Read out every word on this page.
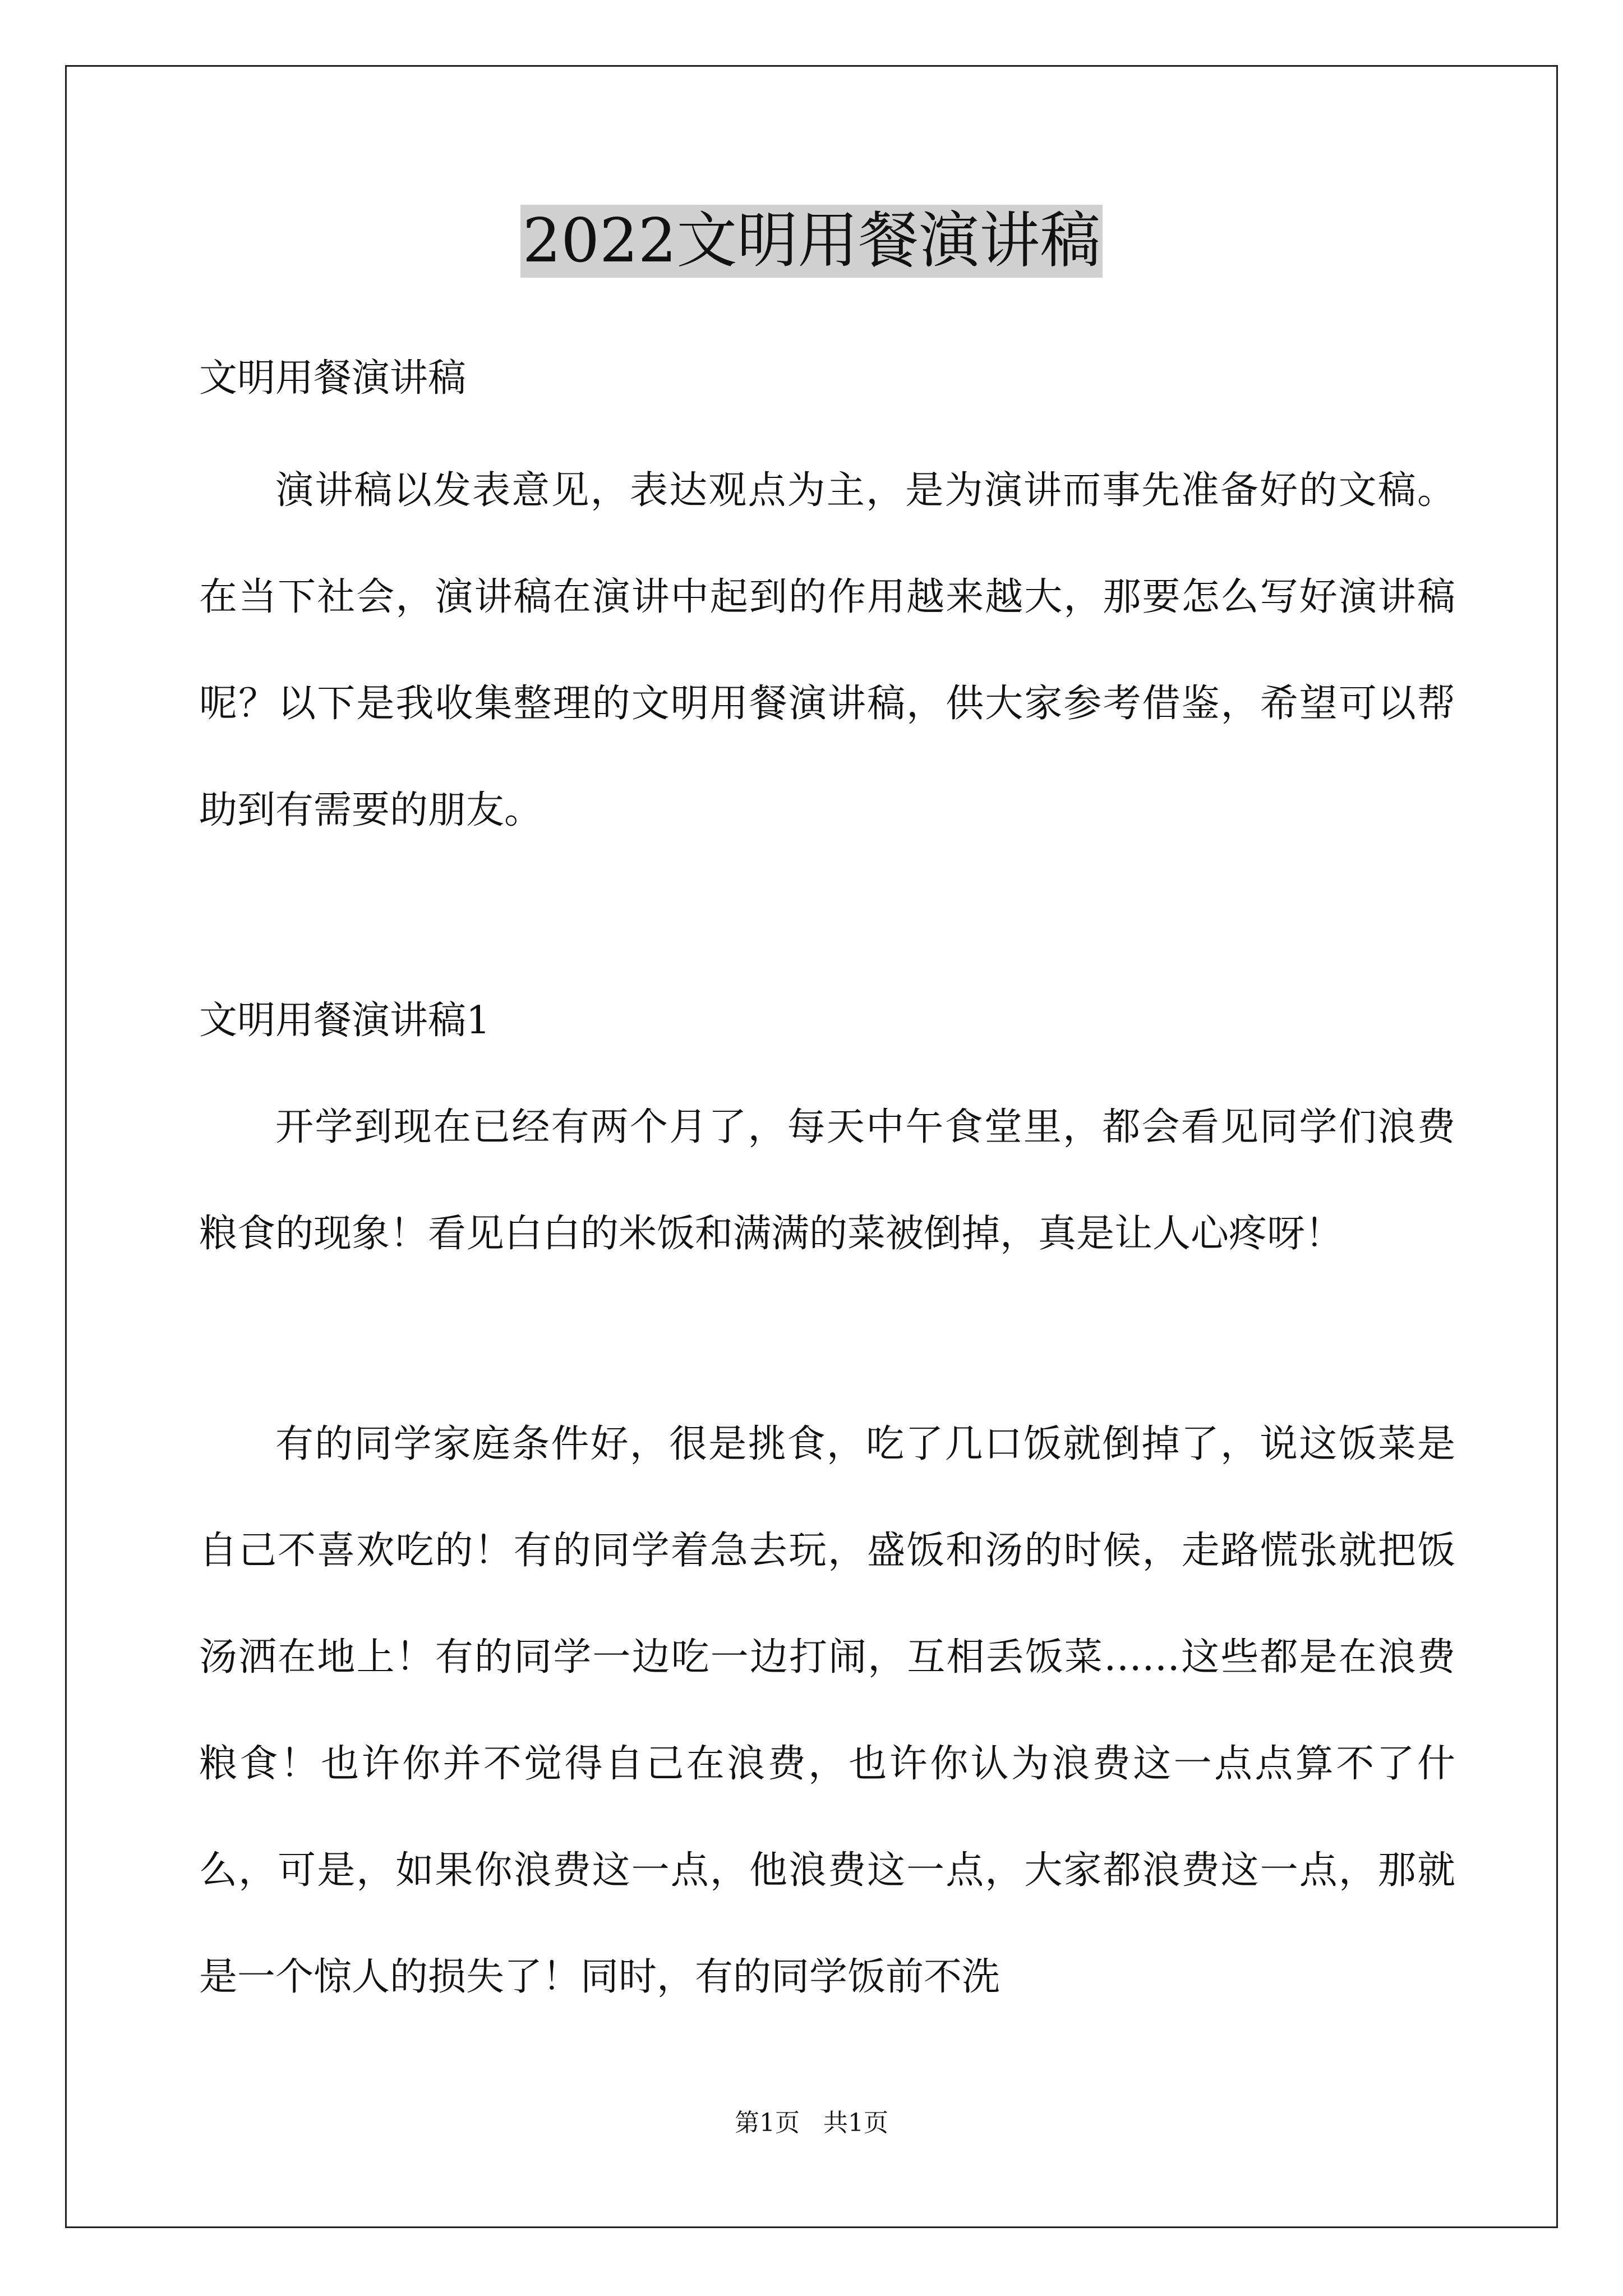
2022文明用餐演讲稿

文明用餐演讲稿

演讲稿以发表意见，表达观点为主，是为演讲而事先准备好的文稿。在当下社会，演讲稿在演讲中起到的作用越来越大，那要怎么写好演讲稿呢？以下是我收集整理的文明用餐演讲稿，供大家参考借鉴，希望可以帮助到有需要的朋友。

文明用餐演讲稿1

开学到现在已经有两个月了，每天中午食堂里，都会看见同学们浪费粮食的现象！看见白白的米饭和满满的菜被倒掉，真是让人心疼呀！

有的同学家庭条件好，很是挑食，吃了几口饭就倒掉了，说这饭菜是自己不喜欢吃的！有的同学着急去玩，盛饭和汤的时候，走路慌张就把饭汤洒在地上！有的同学一边吃一边打闹，互相丢饭菜……这些都是在浪费粮食！也许你并不觉得自己在浪费，也许你认为浪费这一点点算不了什么，可是，如果你浪费这一点，他浪费这一点，大家都浪费这一点，那就是一个惊人的损失了！同时，有的同学饭前不洗

第1页   共1页
